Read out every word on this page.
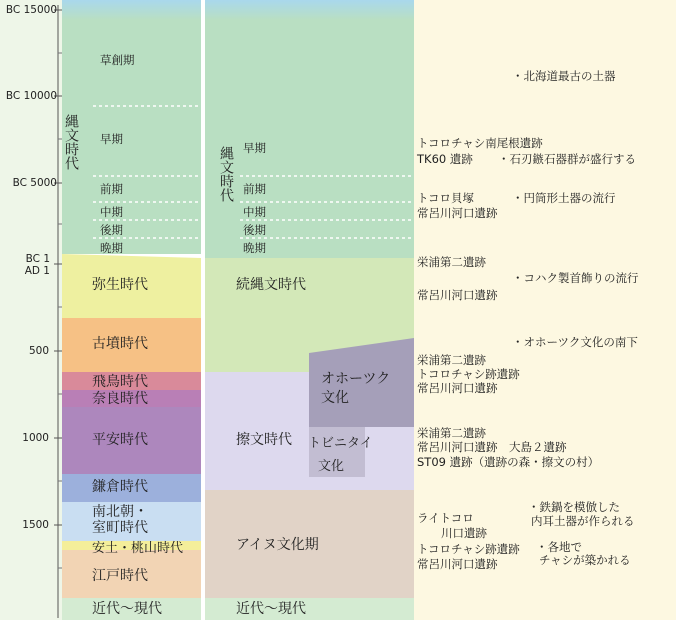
BC 15000
BC 10000
BC 5000
BC 1
AD 1
500
1000
1500
縄文時代
草創期
早期
前期
中期
後期
晩期
弥生時代
古墳時代
飛鳥時代
奈良時代
平安時代
鎌倉時代
南北朝・
室町時代
安土・桃山時代
江戸時代
近代〜現代
縄文時代 早期
前期
中期
後期
晩期
続縄文時代
擦文時代
オホーツク
文化
トビニタイ
文化
アイヌ文化期
近代〜現代
トコロチャシ南尾根遺跡
TK60 遺跡
トコロ貝塚
常呂川河口遺跡
栄浦第二遺跡
常呂川河口遺跡
栄浦第二遺跡
トコロチャシ跡遺跡
常呂川河口遺跡
栄浦第二遺跡
常呂川河口遺跡　大島２遺跡
ST09 遺跡（遺跡の森・擦文の村）
ライトコロ
川口遺跡
トコロチャシ跡遺跡
常呂川河口遺跡
・北海道最古の土器
・石刃鏃石器群が盛行する
・円筒形土器の流行
・コハク製首飾りの流行
・オホーツク文化の南下
・鉄鍋を模倣した
内耳土器が作られる
・各地で
チャシが築かれる
